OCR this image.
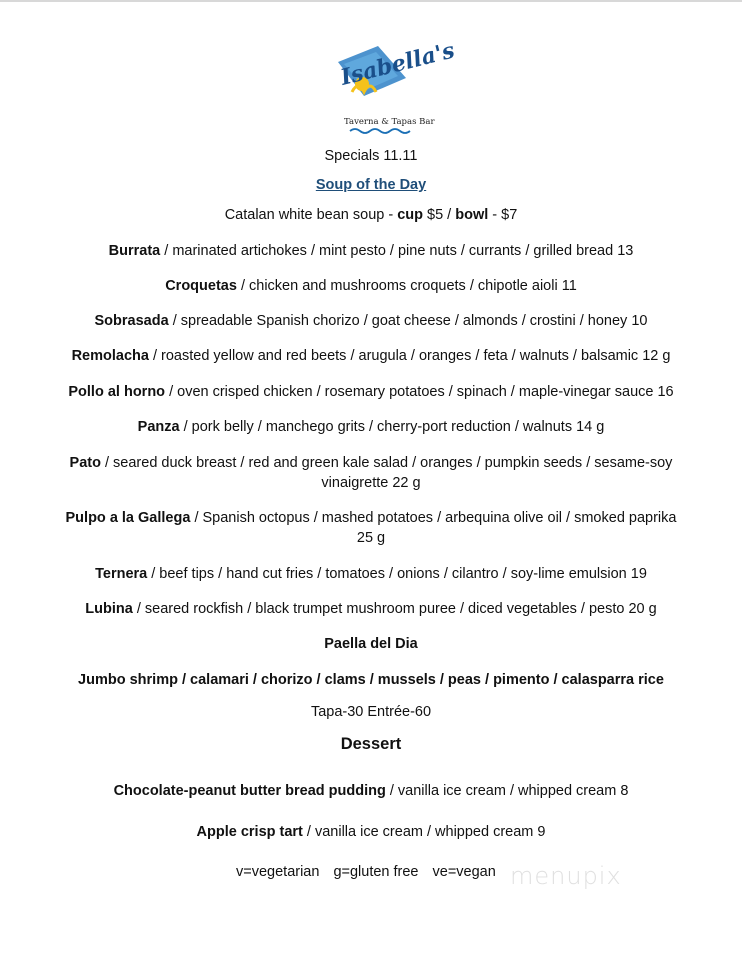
Isabella's
Taverna & Tapas Bar
Specials 11.11
Soup of the Day
Catalan white bean soup - cup $5 / bowl - $7
Burrata / marinated artichokes / mint pesto / pine nuts / currants / grilled bread 13
Croquetas / chicken and mushrooms croquets / chipotle aioli 11
Sobrasada / spreadable Spanish chorizo / goat cheese / almonds / crostini / honey 10
Remolacha / roasted yellow and red beets / arugula / oranges / feta / walnuts / balsamic 12 g
Pollo al horno / oven crisped chicken / rosemary potatoes / spinach / maple-vinegar sauce 16
Panza / pork belly / manchego grits / cherry-port reduction / walnuts 14 g
Pato / seared duck breast / red and green kale salad / oranges / pumpkin seeds / sesame-soy
vinaigrette 22 g
Pulpo a la Gallega / Spanish octopus / mashed potatoes / arbequina olive oil / smoked paprika
25 g
Ternera / beef tips / hand cut fries / tomatoes / onions / cilantro / soy-lime emulsion 19
Lubina / seared rockfish / black trumpet mushroom puree / diced vegetables / pesto 20 g
Paella del Dia
Jumbo shrimp / calamari / chorizo / clams / mussels / peas / pimento / calasparra rice
Tapa-30 Entrée-60
Dessert
Chocolate-peanut butter bread pudding / vanilla ice cream / whipped cream 8
Apple crisp tart / vanilla ice cream / whipped cream 9
v=vegetarian g=gluten free ve=vegan menupix
